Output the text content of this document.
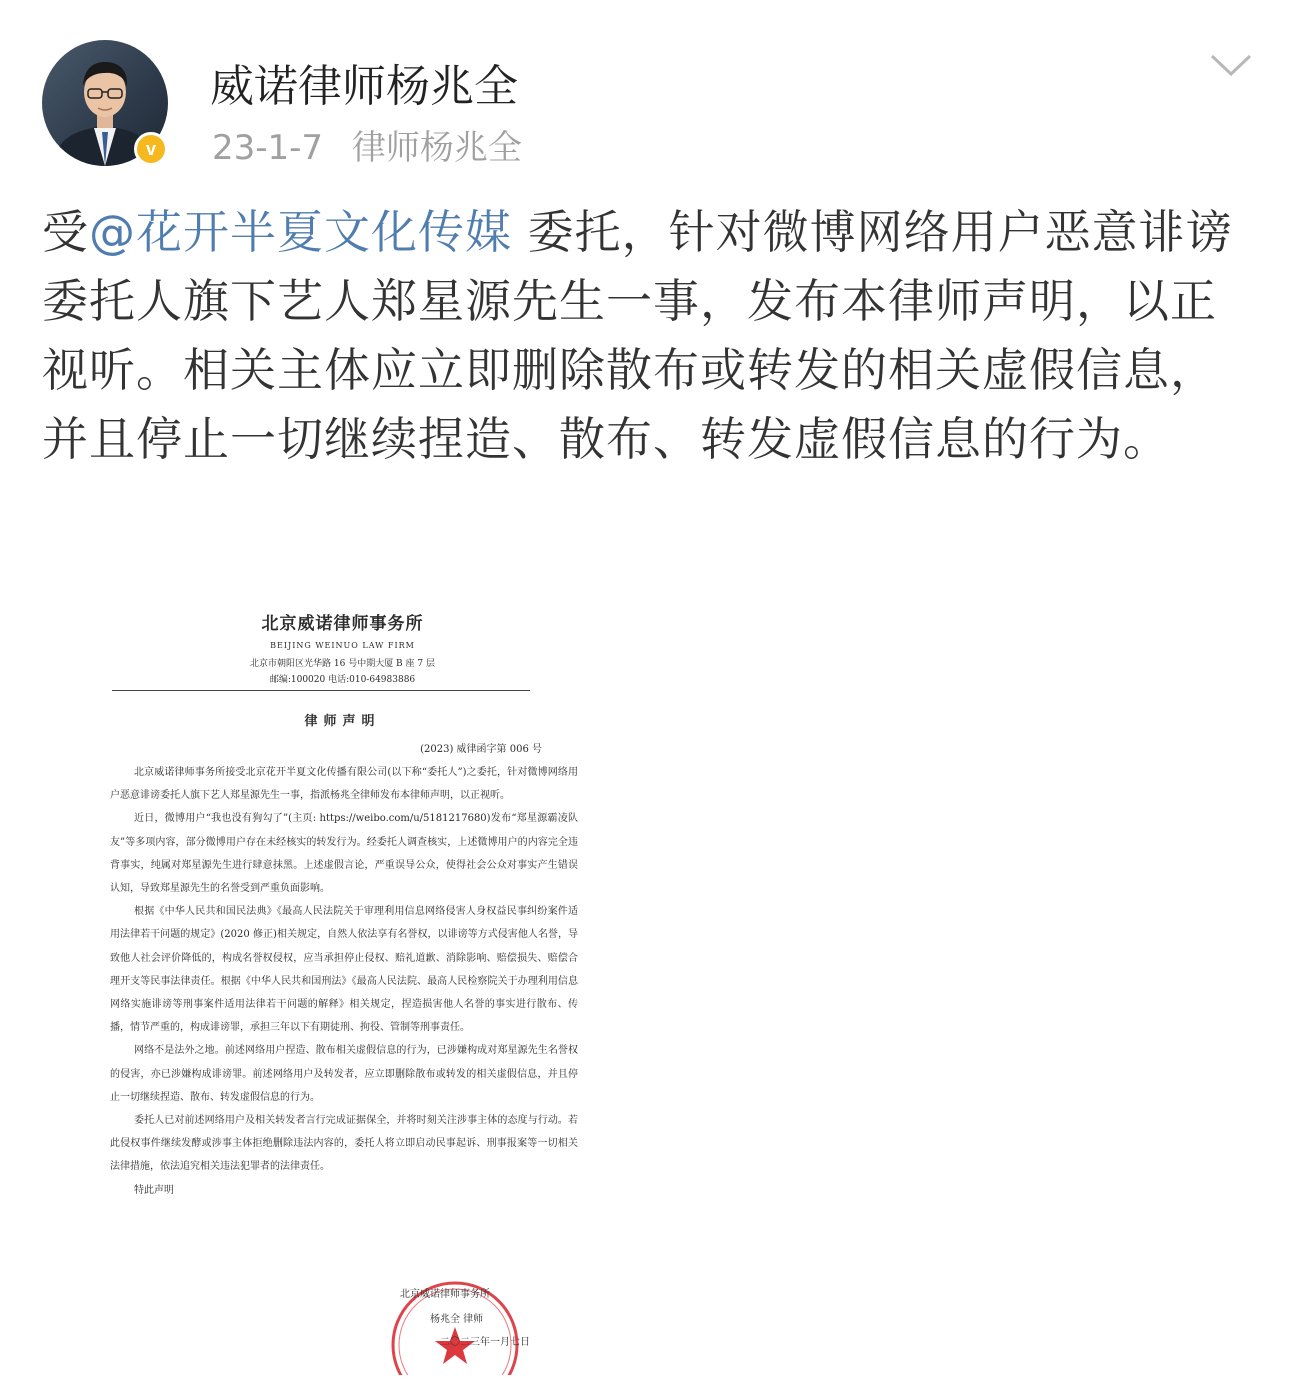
v
威诺律师杨兆全
23-1-7 律师杨兆全
受@花开半夏文化传媒 委托，针对微博网络用户恶意诽谤委托人旗下艺人郑星源先生一事，发布本律师声明，以正视听。相关主体应立即删除散布或转发的相关虚假信息，并且停止一切继续捏造、散布、转发虚假信息的行为。
北京威诺律师事务所
BEIJING WEINUO LAW FIRM
北京市朝阳区光华路 16 号中期大厦 B 座 7 层
邮编:100020 电话:010-64983886
律师声明
(2023) 威律函字第 006 号

北京威诺律师事务所接受北京花开半夏文化传播有限公司(以下称“委托人”)之委托，针对微博网络用户恶意诽谤委托人旗下艺人郑星源先生一事，指派杨兆全律师发布本律师声明，以正视听。

近日，微博用户“我也没有狗勾了”(主页: https://weibo.com/u/5181217680)发布“郑星源霸凌队友”等多项内容，部分微博用户存在未经核实的转发行为。经委托人调查核实，上述微博用户的内容完全违背事实，纯属对郑星源先生进行肆意抹黑。上述虚假言论，严重误导公众，使得社会公众对事实产生错误认知，导致郑星源先生的名誉受到严重负面影响。

根据《中华人民共和国民法典》《最高人民法院关于审理利用信息网络侵害人身权益民事纠纷案件适用法律若干问题的规定》(2020 修正)相关规定，自然人依法享有名誉权，以诽谤等方式侵害他人名誉，导致他人社会评价降低的，构成名誉权侵权，应当承担停止侵权、赔礼道歉、消除影响、赔偿损失、赔偿合理开支等民事法律责任。根据《中华人民共和国刑法》《最高人民法院、最高人民检察院关于办理利用信息网络实施诽谤等刑事案件适用法律若干问题的解释》相关规定，捏造损害他人名誉的事实进行散布、传播，情节严重的，构成诽谤罪，承担三年以下有期徒刑、拘役、管制等刑事责任。

网络不是法外之地。前述网络用户捏造、散布相关虚假信息的行为，已涉嫌构成对郑星源先生名誉权的侵害，亦已涉嫌构成诽谤罪。前述网络用户及转发者，应立即删除散布或转发的相关虚假信息，并且停止一切继续捏造、散布、转发虚假信息的行为。

委托人已对前述网络用户及相关转发者言行完成证据保全，并将时刻关注涉事主体的态度与行动。若此侵权事件继续发酵或涉事主体拒绝删除违法内容的，委托人将立即启动民事起诉、刑事报案等一切相关法律措施，依法追究相关违法犯罪者的法律责任。

特此声明

北京威诺律师事务所
杨兆全 律师
二〇二三年一月七日
